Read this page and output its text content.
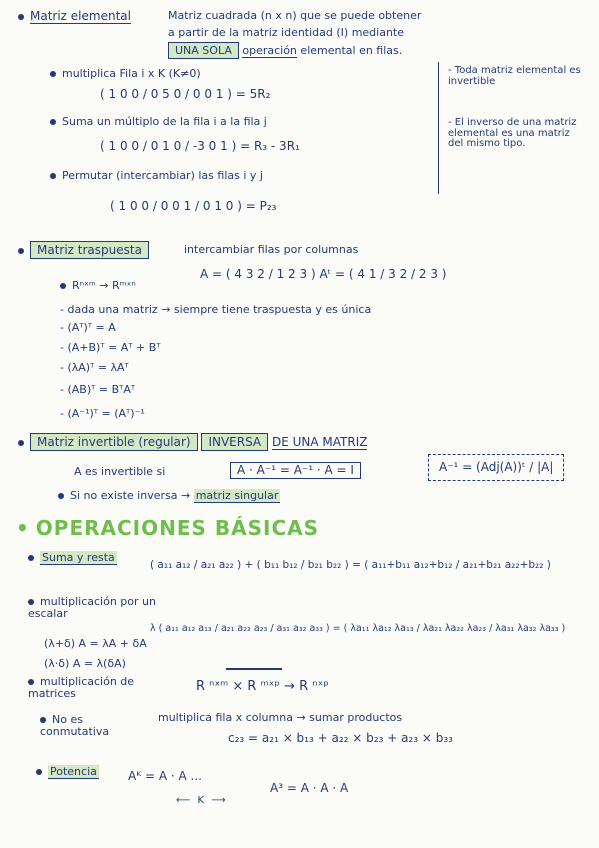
Matriz elemental	Matriz cuadrada (n x n) que se puede obtener
a partir de la matriz identidad (I) mediante
UNA SOLA operación elemental en filas.
multiplica Fila i x K (K≠0)
( 1 0 0 / 0 5 0 / 0 0 1 ) = 5R₂
Suma un múltiplo de la fila i a la fila j
( 1 0 0 / 0 1 0 / -3 0 1 ) = R₃ - 3R₁
Permutar (intercambiar) las filas i y j
( 1 0 0 / 0 0 1 / 0 1 0 ) = P₂₃
- Toda matriz elemental es invertible
- El inverso de una matriz elemental es una matriz del mismo tipo.
Matriz traspuesta	intercambiar filas por columnas
Rⁿˣᵐ → Rᵐˣⁿ
A = ( 4 3 2 / 1 2 3 ) Aᵗ = ( 4 1 / 3 2 / 2 3 )
- dada una matriz → siempre tiene traspuesta y es única
- (Aᵀ)ᵀ = A
- (A+B)ᵀ = Aᵀ + Bᵀ
- (λA)ᵀ = λAᵀ
- (AB)ᵀ = BᵀAᵀ
- (A⁻¹)ᵀ = (Aᵀ)⁻¹
Matriz invertible (regular) INVERSA DE UNA MATRIZ
A es invertible si	A · A⁻¹ = A⁻¹ · A = I	A⁻¹ = (Adj(A))ᵗ / |A|
Si no existe inversa → matriz singular
• OPERACIONES BÁSICAS
Suma y resta
( a₁₁ a₁₂ / a₂₁ a₂₂ ) + ( b₁₁ b₁₂ / b₂₁ b₂₂ ) = ( a₁₁+b₁₁ a₁₂+b₁₂ / a₂₁+b₂₁ a₂₂+b₂₂ )
multiplicación por un escalar
λ ( a₁₁ a₁₂ a₁₃ / a₂₁ a₂₂ a₂₃ / a₃₁ a₃₂ a₃₃ ) = ( λa₁₁ λa₁₂ λa₁₃ / λa₂₁ λa₂₂ λa₂₃ / λa₃₁ λa₃₂ λa₃₃ )
(λ+δ) A = λA + δA
(λ·δ) A = λ(δA)
multiplicación de matrices	R ⁿˣᵐ × R ᵐˣᵖ → R ⁿˣᵖ
No es conmutativa
multiplica fila x columna → sumar productos
c₂₃ = a₂₁ × b₁₃ + a₂₂ × b₂₃ + a₂₃ × b₃₃
Potencia	Aᴷ = A · A ...
⟵ K ⟶
A³ = A · A · A
